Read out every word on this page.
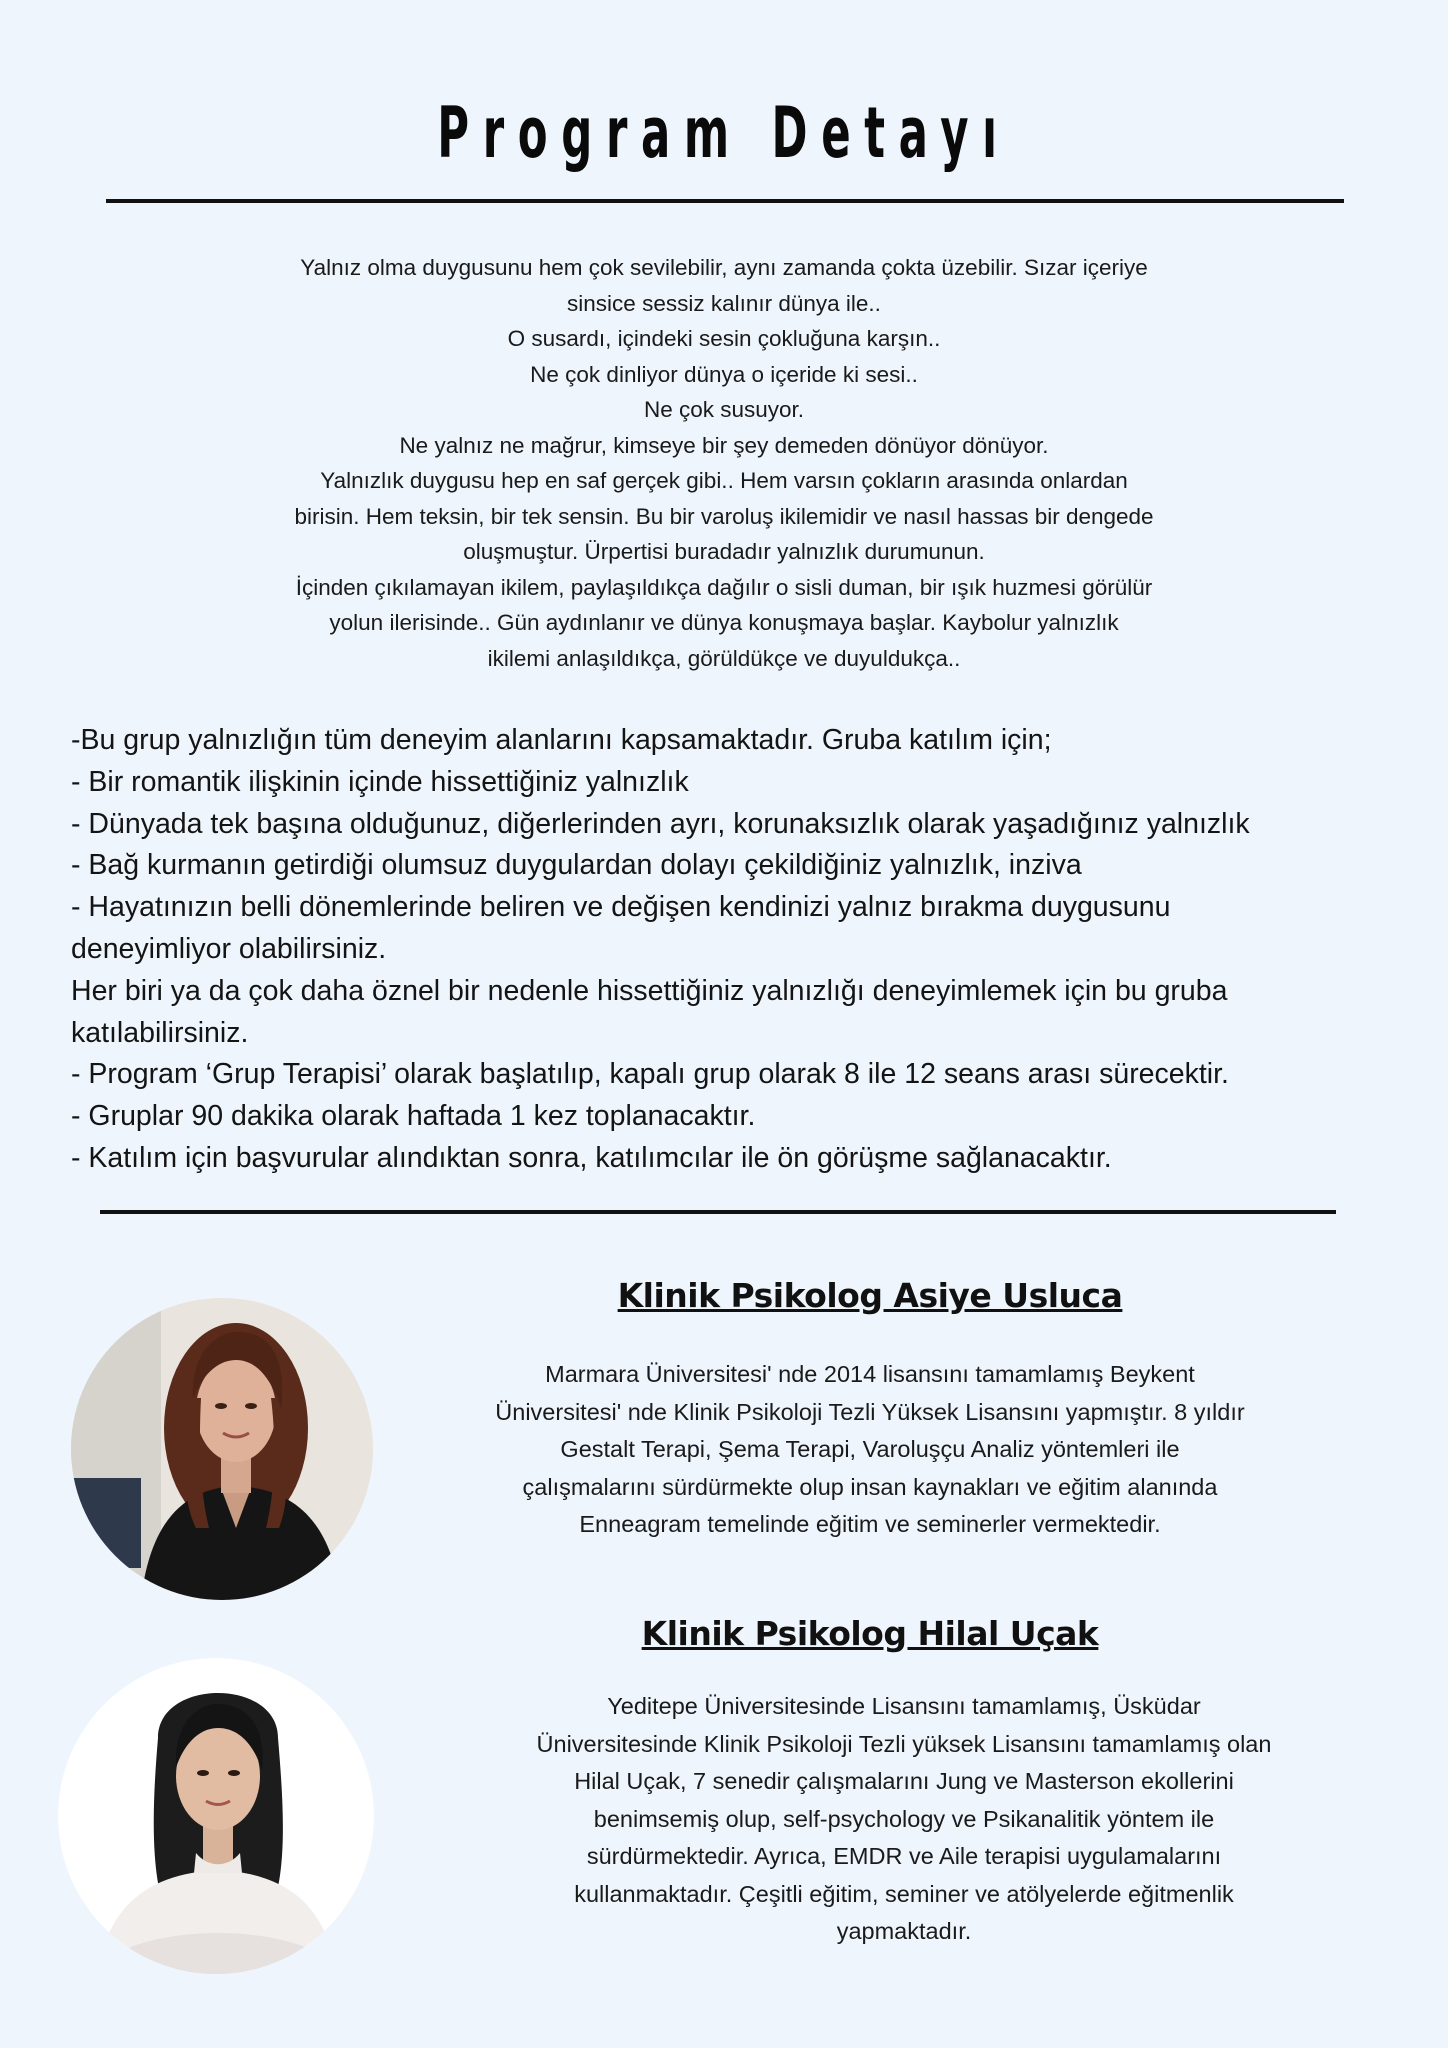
Program Detayı

Yalnız olma duygusunu hem çok sevilebilir, aynı zamanda çokta üzebilir. Sızar içeriye

sinsice sessiz kalınır dünya ile..

O susardı, içindeki sesin çokluğuna karşın..

Ne çok dinliyor dünya o içeride ki sesi..

Ne çok susuyor.

Ne yalnız ne mağrur, kimseye bir şey demeden dönüyor dönüyor.

Yalnızlık duygusu hep en saf gerçek gibi.. Hem varsın çokların arasında onlardan

birisin. Hem teksin, bir tek sensin. Bu bir varoluş ikilemidir ve nasıl hassas bir dengede

oluşmuştur. Ürpertisi buradadır yalnızlık durumunun.

İçinden çıkılamayan ikilem, paylaşıldıkça dağılır o sisli duman, bir ışık huzmesi görülür

yolun ilerisinde.. Gün aydınlanır ve dünya konuşmaya başlar. Kaybolur yalnızlık

ikilemi anlaşıldıkça, görüldükçe ve duyuldukça..

-Bu grup yalnızlığın tüm deneyim alanlarını kapsamaktadır. Gruba katılım için;

- Bir romantik ilişkinin içinde hissettiğiniz yalnızlık

- Dünyada tek başına olduğunuz, diğerlerinden ayrı, korunaksızlık olarak yaşadığınız yalnızlık

- Bağ kurmanın getirdiği olumsuz duygulardan dolayı çekildiğiniz yalnızlık, inziva

- Hayatınızın belli dönemlerinde beliren ve değişen kendinizi yalnız bırakma duygusunu

deneyimliyor olabilirsiniz.

Her biri ya da çok daha öznel bir nedenle hissettiğiniz yalnızlığı deneyimlemek için bu gruba

katılabilirsiniz.

- Program ‘Grup Terapisi’ olarak başlatılıp, kapalı grup olarak 8 ile 12 seans arası sürecektir.

- Gruplar 90 dakika olarak haftada 1 kez toplanacaktır.

- Katılım için başvurular alındıktan sonra, katılımcılar ile ön görüşme sağlanacaktır.

Klinik Psikolog Asiye Usluca

Marmara Üniversitesi' nde 2014 lisansını tamamlamış Beykent

Üniversitesi' nde Klinik Psikoloji Tezli Yüksek Lisansını yapmıştır. 8 yıldır

Gestalt Terapi, Şema Terapi, Varoluşçu Analiz yöntemleri ile

çalışmalarını sürdürmekte olup insan kaynakları ve eğitim alanında

Enneagram temelinde eğitim ve seminerler vermektedir.

Klinik Psikolog Hilal Uçak

Yeditepe Üniversitesinde Lisansını tamamlamış, Üsküdar

Üniversitesinde Klinik Psikoloji Tezli yüksek Lisansını tamamlamış olan

Hilal Uçak, 7 senedir çalışmalarını Jung ve Masterson ekollerini

benimsemiş olup, self-psychology ve Psikanalitik yöntem ile

sürdürmektedir. Ayrıca, EMDR ve Aile terapisi uygulamalarını

kullanmaktadır. Çeşitli eğitim, seminer ve atölyelerde eğitmenlik

yapmaktadır.
